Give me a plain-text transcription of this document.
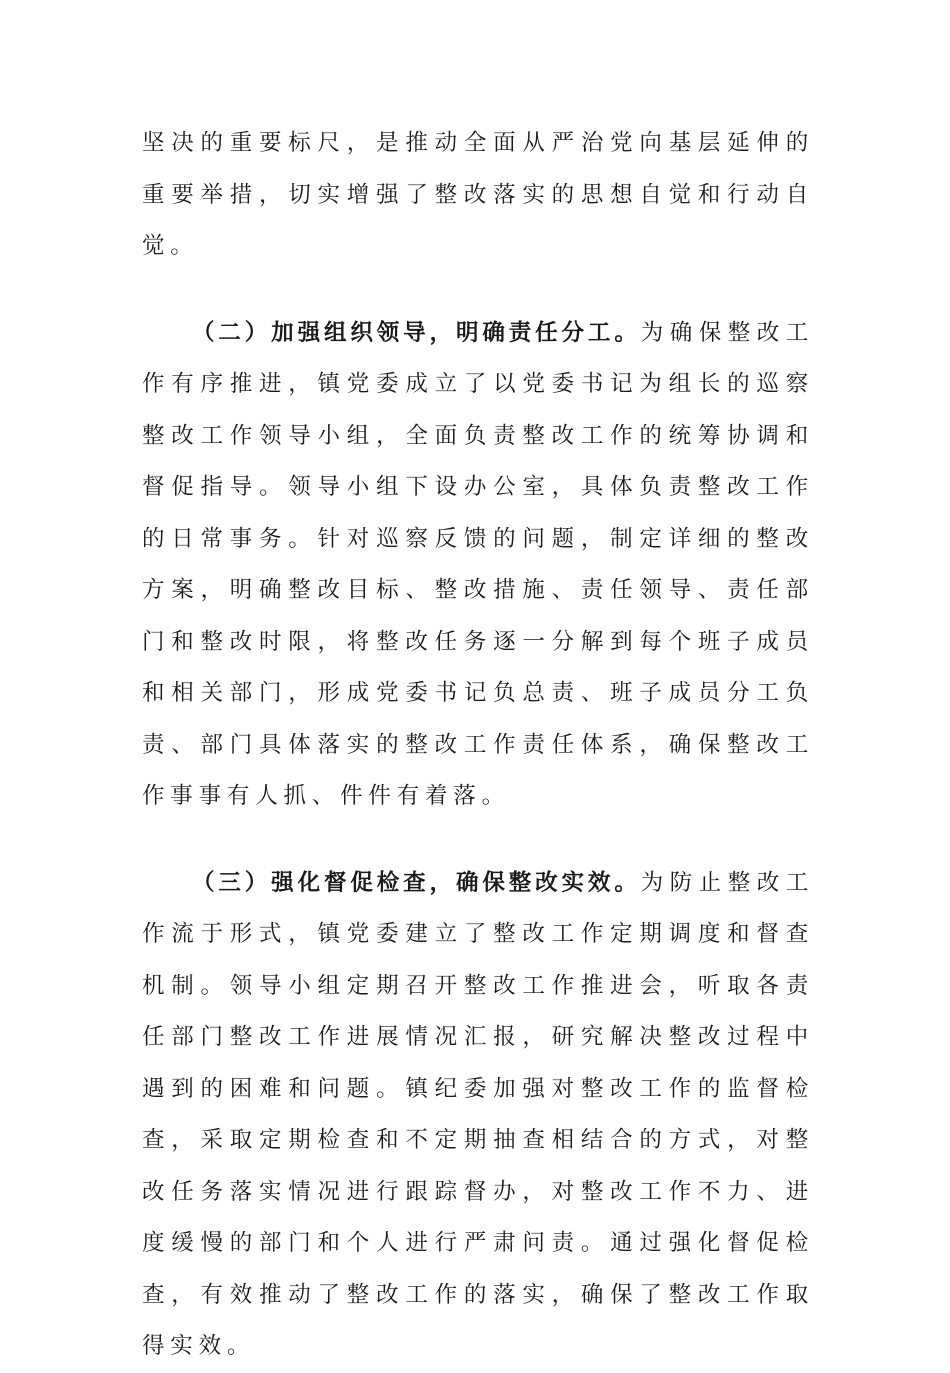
坚决的重要标尺，是推动全面从严治党向基层延伸的重要举措，切实增强了整改落实的思想自觉和行动自觉。

（二）加强组织领导，明确责任分工。为确保整改工作有序推进，镇党委成立了以党委书记为组长的巡察整改工作领导小组，全面负责整改工作的统筹协调和督促指导。领导小组下设办公室，具体负责整改工作的日常事务。针对巡察反馈的问题，制定详细的整改方案，明确整改目标、整改措施、责任领导、责任部门和整改时限，将整改任务逐一分解到每个班子成员和相关部门，形成党委书记负总责、班子成员分工负责、部门具体落实的整改工作责任体系，确保整改工作事事有人抓、件件有着落。

（三）强化督促检查，确保整改实效。为防止整改工作流于形式，镇党委建立了整改工作定期调度和督查机制。领导小组定期召开整改工作推进会，听取各责任部门整改工作进展情况汇报，研究解决整改过程中遇到的困难和问题。镇纪委加强对整改工作的监督检查，采取定期检查和不定期抽查相结合的方式，对整改任务落实情况进行跟踪督办，对整改工作不力、进度缓慢的部门和个人进行严肃问责。通过强化督促检查，有效推动了整改工作的落实，确保了整改工作取得实效。
